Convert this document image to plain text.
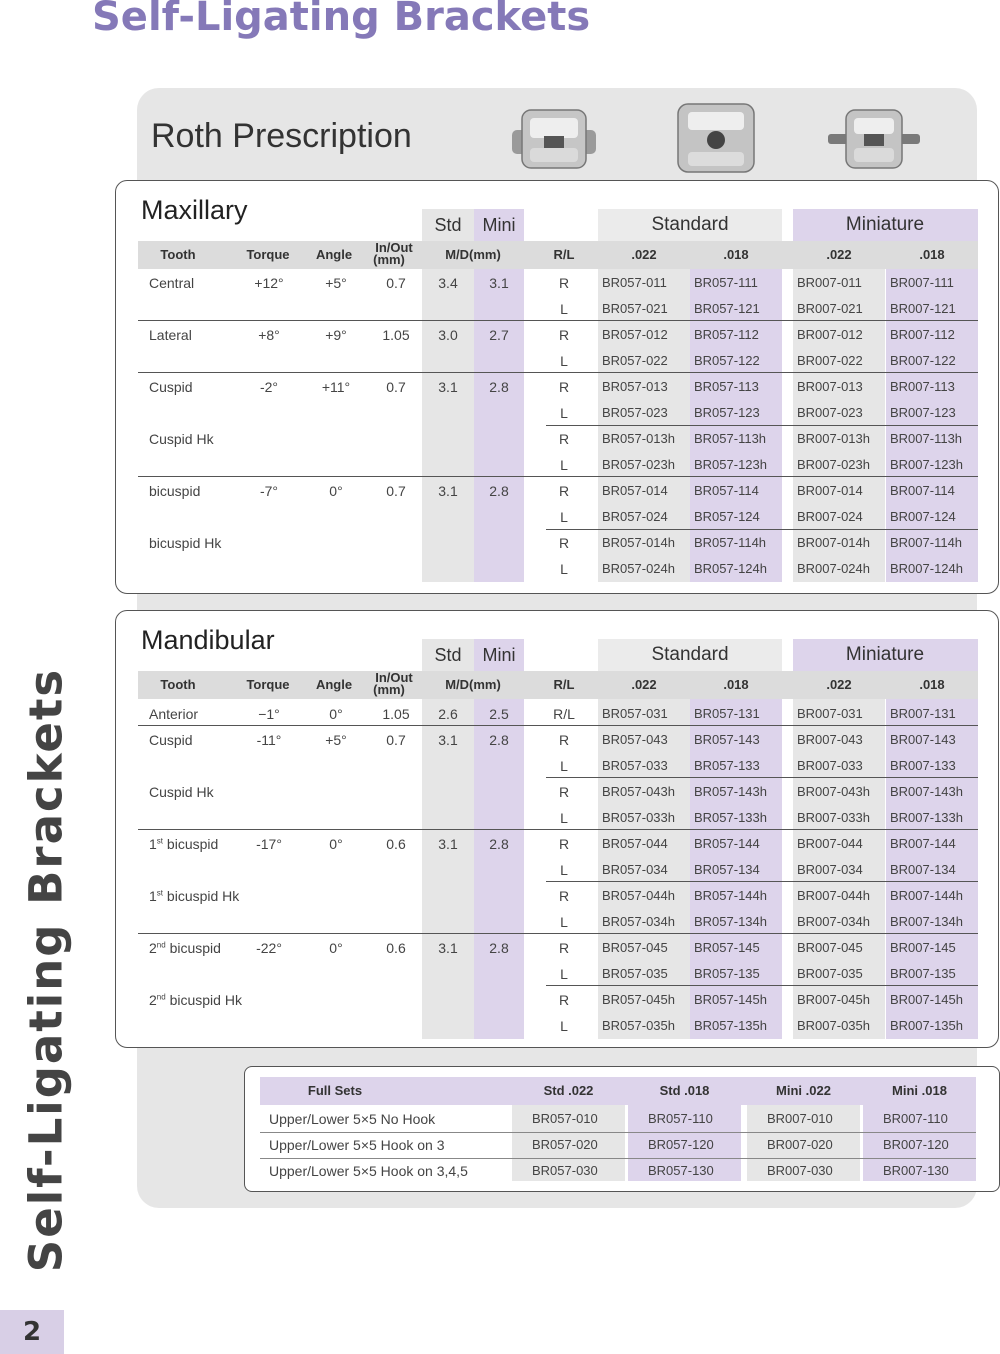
Self-Ligating Brackets
Self-Ligating Brackets
2
Roth Prescription
Maxillary	Std	Mini	Standard	Miniature
Tooth	Torque	Angle	In/Out
(mm)	M/D(mm)	R/L	.022	.018	.022	.018
Central	+12°	+5°	0.7	3.4	3.1	R	BR057-011 BR057-111	BR007-011 BR007-111
L	BR057-021 BR057-121	BR007-021 BR007-121
Lateral	+8°	+9°	1.05	3.0	2.7	R	BR057-012 BR057-112	BR007-012 BR007-112
L	BR057-022 BR057-122	BR007-022 BR007-122
Cuspid	-2°	+11°	0.7	3.1	2.8	R	BR057-013 BR057-113	BR007-013 BR007-113
L	BR057-023 BR057-123	BR007-023 BR007-123
Cuspid Hk	R	BR057-013h BR057-113h BR007-013h BR007-113h
L	BR057-023h BR057-123h BR007-023h BR007-123h
bicuspid	-7°	0°	0.7	3.1	2.8	R	BR057-014 BR057-114	BR007-014 BR007-114
L	BR057-024 BR057-124	BR007-024 BR007-124
bicuspid Hk	R	BR057-014h BR057-114h BR007-014h BR007-114h
L	BR057-024h BR057-124h BR007-024h BR007-124h
Mandibular	Std	Mini	Standard	Miniature
Tooth	Torque	Angle	In/Out
(mm)	M/D(mm)	R/L	.022	.018	.022	.018
Anterior	−1°	0°	1.05	2.6	2.5	R/L	BR057-031 BR057-131	BR007-031 BR007-131
Cuspid	-11°	+5°	0.7	3.1	2.8	R	BR057-043 BR057-143	BR007-043 BR007-143
L	BR057-033 BR057-133	BR007-033 BR007-133
Cuspid Hk	R	BR057-043h BR057-143h BR007-043h BR007-143h
L	BR057-033h BR057-133h BR007-033h BR007-133h
1st bicuspid	-17°	0°	0.6	3.1	2.8	R	BR057-044 BR057-144	BR007-044 BR007-144
L	BR057-034 BR057-134	BR007-034 BR007-134
1st bicuspid Hk	R	BR057-044h BR057-144h BR007-044h BR007-144h
L	BR057-034h BR057-134h BR007-034h BR007-134h
2nd bicuspid	-22°	0°	0.6	3.1	2.8	R	BR057-045 BR057-145	BR007-045 BR007-145
L	BR057-035 BR057-135	BR007-035 BR007-135
2nd bicuspid Hk	R	BR057-045h BR057-145h BR007-045h BR007-145h
L	BR057-035h BR057-135h BR007-035h BR007-135h
Full Sets	Std .022	Std .018	Mini .022	Mini .018
Upper/Lower 5×5 No Hook	BR057-010	BR057-110	BR007-010	BR007-110
Upper/Lower 5×5 Hook on 3	BR057-020	BR057-120	BR007-020	BR007-120
Upper/Lower 5×5 Hook on 3,4,5	BR057-030	BR057-130	BR007-030	BR007-130
